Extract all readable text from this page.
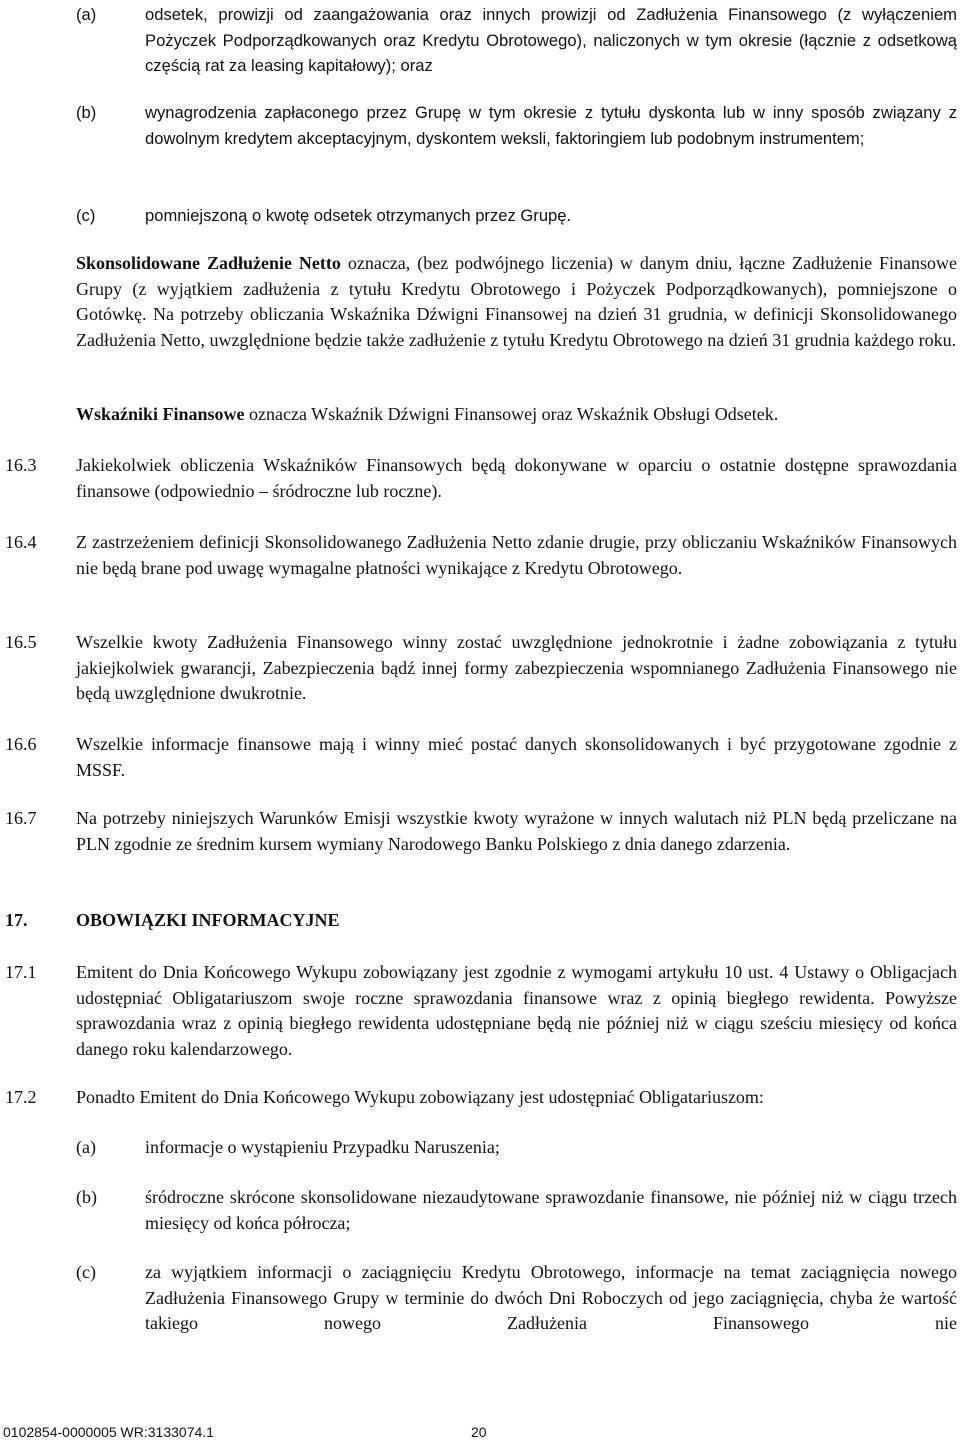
(a)	odsetek, prowizji od zaangażowania oraz innych prowizji od Zadłużenia Finansowego (z wyłączeniem Pożyczek Podporządkowanych oraz Kredytu Obrotowego), naliczonych w tym okresie (łącznie z odsetkową częścią rat za leasing kapitałowy); oraz
(b)	wynagrodzenia zapłaconego przez Grupę w tym okresie z tytułu dyskonta lub w inny sposób związany z dowolnym kredytem akceptacyjnym, dyskontem weksli, faktoringiem lub podobnym instrumentem;
(c)	pomniejszoną o kwotę odsetek otrzymanych przez Grupę.
Skonsolidowane Zadłużenie Netto oznacza, (bez podwójnego liczenia) w danym dniu, łączne Zadłużenie Finansowe Grupy (z wyjątkiem zadłużenia z tytułu Kredytu Obrotowego i Pożyczek Podporządkowanych), pomniejszone o Gotówkę. Na potrzeby obliczania Wskaźnika Dźwigni Finansowej na dzień 31 grudnia, w definicji Skonsolidowanego Zadłużenia Netto, uwzględnione będzie także zadłużenie z tytułu Kredytu Obrotowego na dzień 31 grudnia każdego roku.
Wskaźniki Finansowe oznacza Wskaźnik Dźwigni Finansowej oraz Wskaźnik Obsługi Odsetek.
16.3 Jakiekolwiek obliczenia Wskaźników Finansowych będą dokonywane w oparciu o ostatnie dostępne sprawozdania finansowe (odpowiednio – śródroczne lub roczne).
16.4 Z zastrzeżeniem definicji Skonsolidowanego Zadłużenia Netto zdanie drugie, przy obliczaniu Wskaźników Finansowych nie będą brane pod uwagę wymagalne płatności wynikające z Kredytu Obrotowego.
16.5 Wszelkie kwoty Zadłużenia Finansowego winny zostać uwzględnione jednokrotnie i żadne zobowiązania z tytułu jakiejkolwiek gwarancji, Zabezpieczenia bądź innej formy zabezpieczenia wspomnianego Zadłużenia Finansowego nie będą uwzględnione dwukrotnie.
16.6 Wszelkie informacje finansowe mają i winny mieć postać danych skonsolidowanych i być przygotowane zgodnie z MSSF.
16.7 Na potrzeby niniejszych Warunków Emisji wszystkie kwoty wyrażone w innych walutach niż PLN będą przeliczane na PLN zgodnie ze średnim kursem wymiany Narodowego Banku Polskiego z dnia danego zdarzenia.
17.	OBOWIĄZKI INFORMACYJNE
17.1 Emitent do Dnia Końcowego Wykupu zobowiązany jest zgodnie z wymogami artykułu 10 ust. 4 Ustawy o Obligacjach udostępniać Obligatariuszom swoje roczne sprawozdania finansowe wraz z opinią biegłego rewidenta. Powyższe sprawozdania wraz z opinią biegłego rewidenta udostępniane będą nie później niż w ciągu sześciu miesięcy od końca danego roku kalendarzowego.
17.2 Ponadto Emitent do Dnia Końcowego Wykupu zobowiązany jest udostępniać Obligatariuszom:
(a)	informacje o wystąpieniu Przypadku Naruszenia;
(b)	śródroczne skrócone skonsolidowane niezaudytowane sprawozdanie finansowe, nie później niż w ciągu trzech miesięcy od końca półrocza;
(c)	za wyjątkiem informacji o zaciągnięciu Kredytu Obrotowego, informacje na temat zaciągnięcia nowego Zadłużenia Finansowego Grupy w terminie do dwóch Dni Roboczych od jego zaciągnięcia, chyba że wartość takiego nowego Zadłużenia Finansowego nie
0102854-0000005 WR:3133074.1	20
